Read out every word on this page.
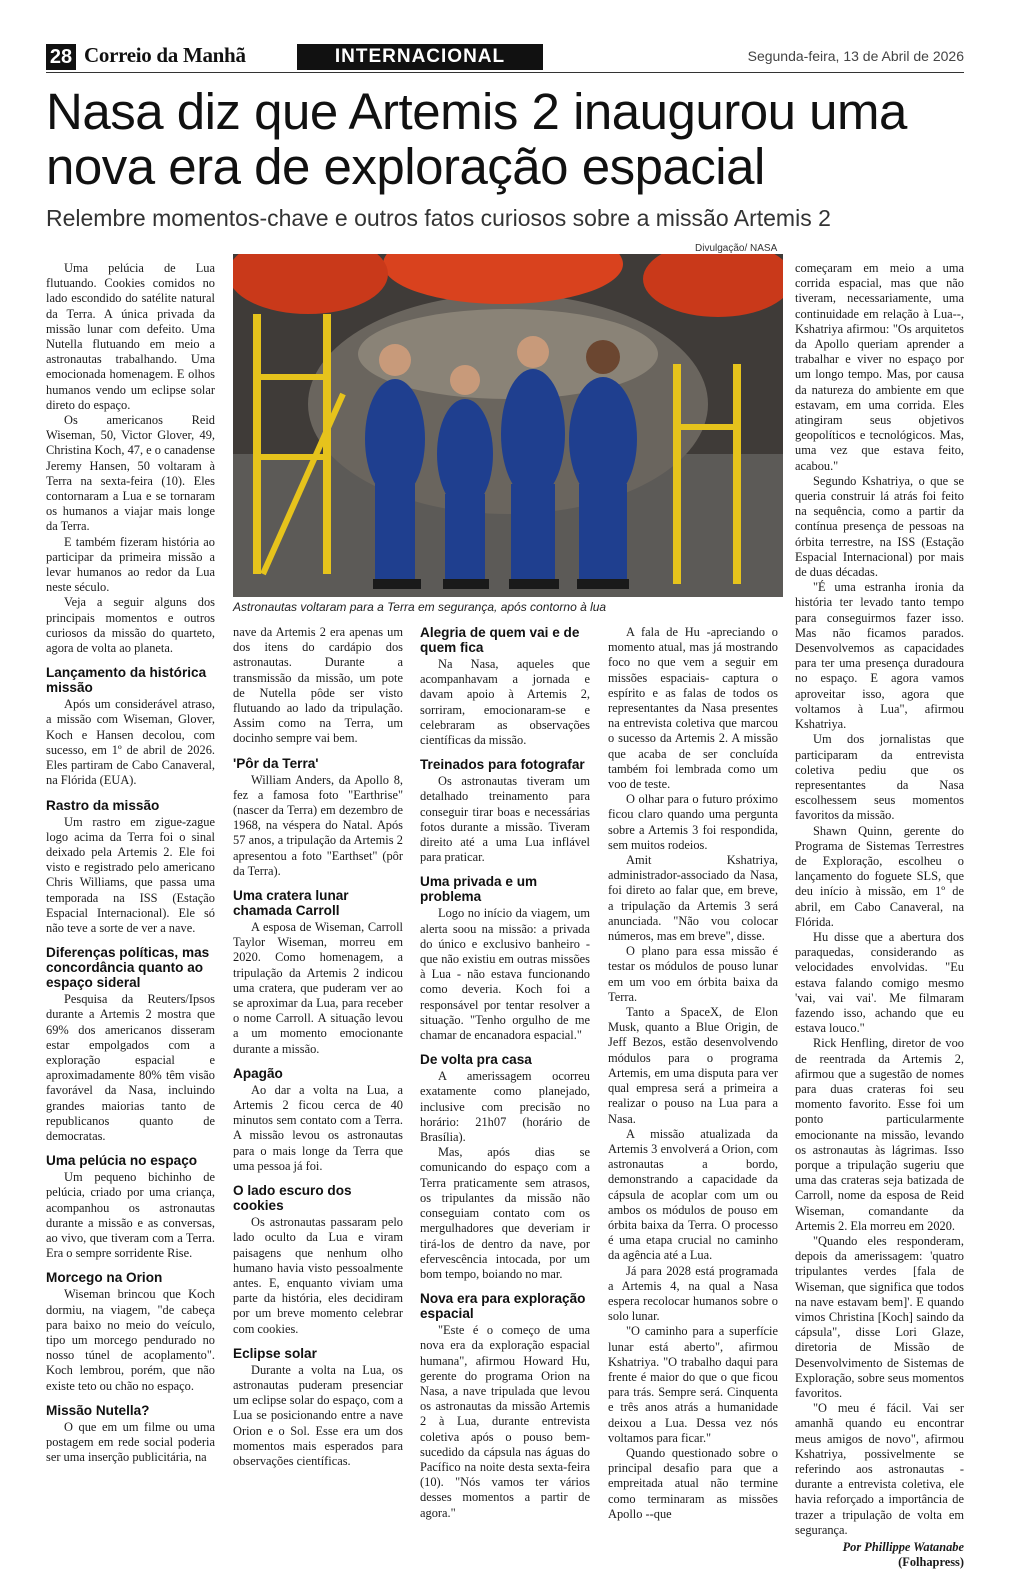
28 Correio da Manhã	INTERNACIONAL	Segunda-feira, 13 de Abril de 2026
Nasa diz que Artemis 2 inaugurou uma nova era de exploração espacial
Relembre momentos-chave e outros fatos curiosos sobre a missão Artemis 2
Divulgação/ NASA
Astronautas voltaram para a Terra em segurança, após contorno à lua

Uma pelúcia de Lua flutuando. Cookies comidos no lado escondido do satélite natural da Terra. A única privada da missão lunar com defeito. Uma Nutella flutuando em meio a astronautas trabalhando. Uma emocionada homenagem. E olhos humanos vendo um eclipse solar direto do espaço.

Os americanos Reid Wiseman, 50, Victor Glover, 49, Christina Koch, 47, e o canadense Jeremy Hansen, 50 voltaram à Terra na sexta-feira (10). Eles contornaram a Lua e se tornaram os humanos a viajar mais longe da Terra.

E também fizeram história ao participar da primeira missão a levar humanos ao redor da Lua neste século.

Veja a seguir alguns dos principais momentos e outros curiosos da missão do quarteto, agora de volta ao planeta.

Lançamento da histórica missão

Após um considerável atraso, a missão com Wiseman, Glover, Koch e Hansen decolou, com sucesso, em 1º de abril de 2026. Eles partiram de Cabo Canaveral, na Flórida (EUA).

Rastro da missão

Um rastro em zigue-zague logo acima da Terra foi o sinal deixado pela Artemis 2. Ele foi visto e registrado pelo americano Chris Williams, que passa uma temporada na ISS (Estação Espacial Internacional). Ele só não teve a sorte de ver a nave.

Diferenças políticas, mas concordância quanto ao espaço sideral

Pesquisa da Reuters/Ipsos durante a Artemis 2 mostra que 69% dos americanos disseram estar empolgados com a exploração espacial e aproximadamente 80% têm visão favorável da Nasa, incluindo grandes maiorias tanto de republicanos quanto de democratas.

Uma pelúcia no espaço

Um pequeno bichinho de pelúcia, criado por uma criança, acompanhou os astronautas durante a missão e as conversas, ao vivo, que tiveram com a Terra. Era o sempre sorridente Rise.

Morcego na Orion

Wiseman brincou que Koch dormiu, na viagem, "de cabeça para baixo no meio do veículo, tipo um morcego pendurado no nosso túnel de acoplamento". Koch lembrou, porém, que não existe teto ou chão no espaço.

Missão Nutella?

O que em um filme ou uma postagem em rede social poderia ser uma inserção publicitária, na

nave da Artemis 2 era apenas um dos itens do cardápio dos astronautas. Durante a transmissão da missão, um pote de Nutella pôde ser visto flutuando ao lado da tripulação. Assim como na Terra, um docinho sempre vai bem.

'Pôr da Terra'

William Anders, da Apollo 8, fez a famosa foto "Earthrise" (nascer da Terra) em dezembro de 1968, na véspera do Natal. Após 57 anos, a tripulação da Artemis 2 apresentou a foto "Earthset" (pôr da Terra).

Uma cratera lunar chamada Carroll

A esposa de Wiseman, Carroll Taylor Wiseman, morreu em 2020. Como homenagem, a tripulação da Artemis 2 indicou uma cratera, que puderam ver ao se aproximar da Lua, para receber o nome Carroll. A situação levou a um momento emocionante durante a missão.

Apagão

Ao dar a volta na Lua, a Artemis 2 ficou cerca de 40 minutos sem contato com a Terra. A missão levou os astronautas para o mais longe da Terra que uma pessoa já foi.

O lado escuro dos cookies

Os astronautas passaram pelo lado oculto da Lua e viram paisagens que nenhum olho humano havia visto pessoalmente antes. E, enquanto viviam uma parte da história, eles decidiram por um breve momento celebrar com cookies.

Eclipse solar

Durante a volta na Lua, os astronautas puderam presenciar um eclipse solar do espaço, com a Lua se posicionando entre a nave Orion e o Sol. Esse era um dos momentos mais esperados para observações científicas.

Alegria de quem vai e de quem fica

Na Nasa, aqueles que acompanhavam a jornada e davam apoio à Artemis 2, sorriram, emocionaram-se e celebraram as observações científicas da missão.

Treinados para fotografar

Os astronautas tiveram um detalhado treinamento para conseguir tirar boas e necessárias fotos durante a missão. Tiveram direito até a uma Lua inflável para praticar.

Uma privada e um problema

Logo no início da viagem, um alerta soou na missão: a privada do único e exclusivo banheiro -que não existiu em outras missões à Lua - não estava funcionando como deveria. Koch foi a responsável por tentar resolver a situação. "Tenho orgulho de me chamar de encanadora espacial."

De volta pra casa

A amerissagem ocorreu exatamente como planejado, inclusive com precisão no horário: 21h07 (horário de Brasília).

Mas, após dias se comunicando do espaço com a Terra praticamente sem atrasos, os tripulantes da missão não conseguiam contato com os mergulhadores que deveriam ir tirá-los de dentro da nave, por efervescência intocada, por um bom tempo, boiando no mar.

Nova era para exploração espacial

"Este é o começo de uma nova era da exploração espacial humana", afirmou Howard Hu, gerente do programa Orion na Nasa, a nave tripulada que levou os astronautas da missão Artemis 2 à Lua, durante entrevista coletiva após o pouso bem-sucedido da cápsula nas águas do Pacífico na noite desta sexta-feira (10). "Nós vamos ter vários desses momentos a partir de agora."

A fala de Hu -apreciando o momento atual, mas já mostrando foco no que vem a seguir em missões espaciais- captura o espírito e as falas de todos os representantes da Nasa presentes na entrevista coletiva que marcou o sucesso da Artemis 2. A missão que acaba de ser concluída também foi lembrada como um voo de teste.

O olhar para o futuro próximo ficou claro quando uma pergunta sobre a Artemis 3 foi respondida, sem muitos rodeios.

Amit Kshatriya, administrador-associado da Nasa, foi direto ao falar que, em breve, a tripulação da Artemis 3 será anunciada. "Não vou colocar números, mas em breve", disse.

O plano para essa missão é testar os módulos de pouso lunar em um voo em órbita baixa da Terra.

Tanto a SpaceX, de Elon Musk, quanto a Blue Origin, de Jeff Bezos, estão desenvolvendo módulos para o programa Artemis, em uma disputa para ver qual empresa será a primeira a realizar o pouso na Lua para a Nasa.

A missão atualizada da Artemis 3 envolverá a Orion, com astronautas a bordo, demonstrando a capacidade da cápsula de acoplar com um ou ambos os módulos de pouso em órbita baixa da Terra. O processo é uma etapa crucial no caminho da agência até a Lua.

Já para 2028 está programada a Artemis 4, na qual a Nasa espera recolocar humanos sobre o solo lunar.

"O caminho para a superfície lunar está aberto", afirmou Kshatriya. "O trabalho daqui para frente é maior do que o que ficou para trás. Sempre será. Cinquenta e três anos atrás a humanidade deixou a Lua. Dessa vez nós voltamos para ficar."

Quando questionado sobre o principal desafio para que a empreitada atual não termine como terminaram as missões Apollo --que

começaram em meio a uma corrida espacial, mas que não tiveram, necessariamente, uma continuidade em relação à Lua--, Kshatriya afirmou: "Os arquitetos da Apollo queriam aprender a trabalhar e viver no espaço por um longo tempo. Mas, por causa da natureza do ambiente em que estavam, em uma corrida. Eles atingiram seus objetivos geopolíticos e tecnológicos. Mas, uma vez que estava feito, acabou."

Segundo Kshatriya, o que se queria construir lá atrás foi feito na sequência, como a partir da contínua presença de pessoas na órbita terrestre, na ISS (Estação Espacial Internacional) por mais de duas décadas.

"É uma estranha ironia da história ter levado tanto tempo para conseguirmos fazer isso. Mas não ficamos parados. Desenvolvemos as capacidades para ter uma presença duradoura no espaço. E agora vamos aproveitar isso, agora que voltamos à Lua", afirmou Kshatriya.

Um dos jornalistas que participaram da entrevista coletiva pediu que os representantes da Nasa escolhessem seus momentos favoritos da missão.

Shawn Quinn, gerente do Programa de Sistemas Terrestres de Exploração, escolheu o lançamento do foguete SLS, que deu início à missão, em 1º de abril, em Cabo Canaveral, na Flórida.

Hu disse que a abertura dos paraquedas, considerando as velocidades envolvidas. "Eu estava falando comigo mesmo 'vai, vai vai'. Me filmaram fazendo isso, achando que eu estava louco."

Rick Henfling, diretor de voo de reentrada da Artemis 2, afirmou que a sugestão de nomes para duas crateras foi seu momento favorito. Esse foi um ponto particularmente emocionante na missão, levando os astronautas às lágrimas. Isso porque a tripulação sugeriu que uma das crateras seja batizada de Carroll, nome da esposa de Reid Wiseman, comandante da Artemis 2. Ela morreu em 2020.

"Quando eles responderam, depois da amerissagem: 'quatro tripulantes verdes [fala de Wiseman, que significa que todos na nave estavam bem]'. E quando vimos Christina [Koch] saindo da cápsula", disse Lori Glaze, diretoria de Missão de Desenvolvimento de Sistemas de Exploração, sobre seus momentos favoritos.

"O meu é fácil. Vai ser amanhã quando eu encontrar meus amigos de novo", afirmou Kshatriya, possivelmente se referindo aos astronautas - durante a entrevista coletiva, ele havia reforçado a importância de trazer a tripulação de volta em segurança.

Por Phillippe Watanabe

(Folhapress)
